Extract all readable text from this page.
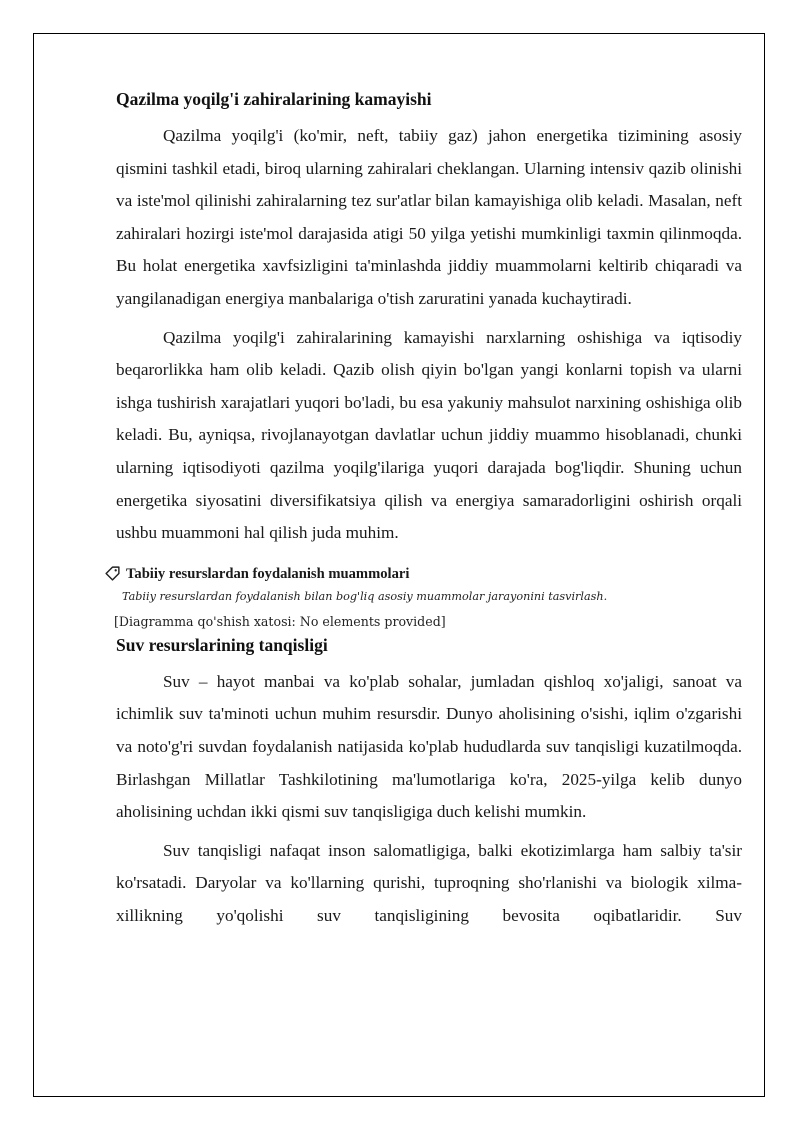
Qazilma yoqilg'i zahiralarining kamayishi

Qazilma yoqilg'i (ko'mir, neft, tabiiy gaz) jahon energetika tizimining asosiy qismini tashkil etadi, biroq ularning zahiralari cheklangan. Ularning intensiv qazib olinishi va iste'mol qilinishi zahiralarning tez sur'atlar bilan kamayishiga olib keladi. Masalan, neft zahiralari hozirgi iste'mol darajasida atigi 50 yilga yetishi mumkinligi taxmin qilinmoqda. Bu holat energetika xavfsizligini ta'minlashda jiddiy muammolarni keltirib chiqaradi va yangilanadigan energiya manbalariga o'tish zaruratini yanada kuchaytiradi.

Qazilma yoqilg'i zahiralarining kamayishi narxlarning oshishiga va iqtisodiy beqarorlikka ham olib keladi. Qazib olish qiyin bo'lgan yangi konlarni topish va ularni ishga tushirish xarajatlari yuqori bo'ladi, bu esa yakuniy mahsulot narxining oshishiga olib keladi. Bu, ayniqsa, rivojlanayotgan davlatlar uchun jiddiy muammo hisoblanadi, chunki ularning iqtisodiyoti qazilma yoqilg'ilariga yuqori darajada bog'liqdir. Shuning uchun energetika siyosatini diversifikatsiya qilish va energiya samaradorligini oshirish orqali ushbu muammoni hal qilish juda muhim.

Tabiiy resurslardan foydalanish muammolari
Tabiiy resurslardan foydalanish bilan bog'liq asosiy muammolar jarayonini tasvirlash.
[Diagramma qo'shish xatosi: No elements provided]
Suv resurslarining tanqisligi

Suv – hayot manbai va ko'plab sohalar, jumladan qishloq xo'jaligi, sanoat va ichimlik suv ta'minoti uchun muhim resursdir. Dunyo aholisining o'sishi, iqlim o'zgarishi va noto'g'ri suvdan foydalanish natijasida ko'plab hududlarda suv tanqisligi kuzatilmoqda. Birlashgan Millatlar Tashkilotining ma'lumotlariga ko'ra, 2025-yilga kelib dunyo aholisining uchdan ikki qismi suv tanqisligiga duch kelishi mumkin.

Suv tanqisligi nafaqat inson salomatligiga, balki ekotizimlarga ham salbiy ta'sir ko'rsatadi. Daryolar va ko'llarning qurishi, tuproqning sho'rlanishi va biologik xilma-xillikning yo'qolishi suv tanqisligining bevosita oqibatlaridir. Suv
